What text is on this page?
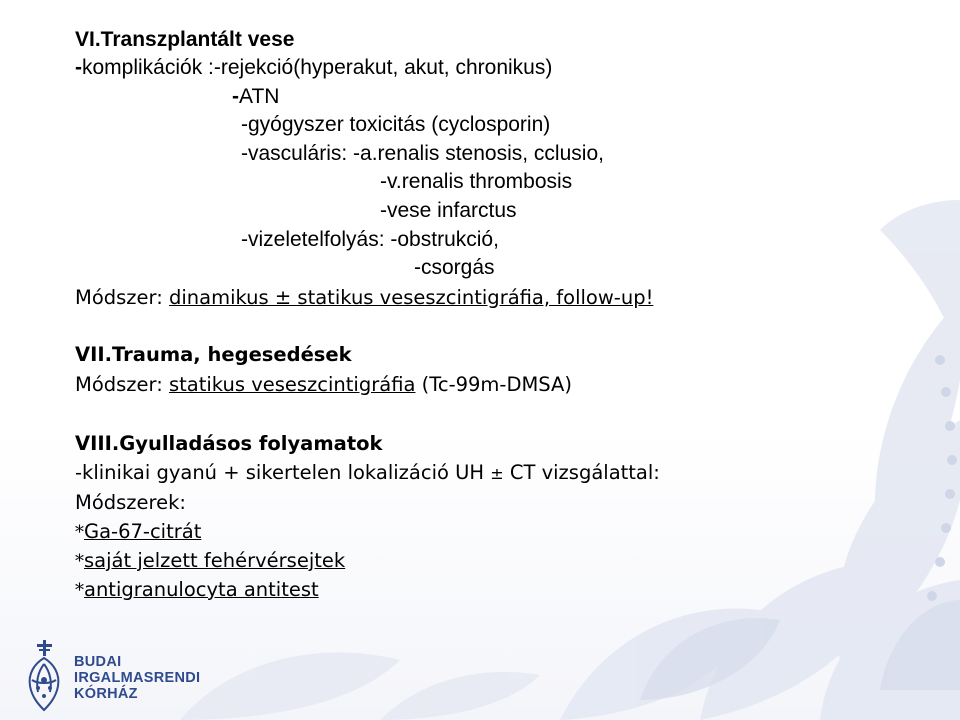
VI.Transzplantált vese
-komplikációk :-rejekció(hyperakut, akut, chronikus)
-ATN
-gyógyszer toxicitás (cyclosporin)
-vasculáris: -a.renalis stenosis, cclusio,
-v.renalis thrombosis
-vese infarctus
-vizeletelfolyás: -obstrukció,
-csorgás
Módszer: dinamikus ± statikus veseszcintigráfia, follow-up!
VII.Trauma, hegesedések
Módszer: statikus veseszcintigráfia (Tc-99m-DMSA)
VIII.Gyulladásos folyamatok
-klinikai gyanú + sikertelen lokalizáció UH ± CT vizsgálattal:
Módszerek:
*Ga-67-citrát
*saját jelzett fehérvérsejtek
*antigranulocyta antitest
BUDAI
IRGALMASRENDI
KÓRHÁZ
